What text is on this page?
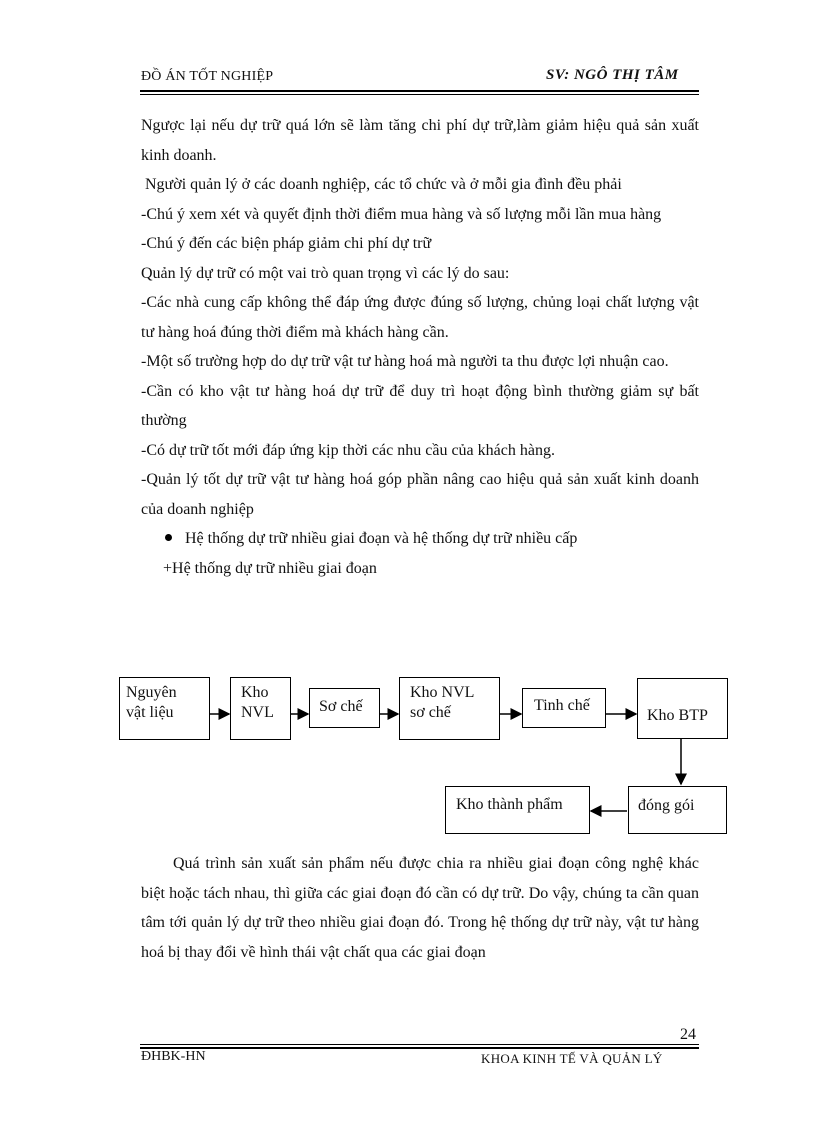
ĐỒ ÁN TỐT NGHIỆP	SV: NGÔ THỊ TÂM

Ngược lại nếu dự trữ quá lớn sẽ làm tăng chi phí dự trữ,làm giảm hiệu quả sản xuất kinh doanh.

Người quản lý ở các doanh nghiệp, các tổ chức và ở mỗi gia đình đều phải

-Chú ý xem xét và quyết định thời điểm mua hàng và số lượng mỗi lần mua hàng

-Chú ý đến các biện pháp giảm chi phí dự trữ

Quản lý dự trữ có một vai trò quan trọng vì các lý do sau:

-Các nhà cung cấp không thể đáp ứng được đúng số lượng, chủng loại chất lượng vật tư hàng hoá đúng thời điểm mà khách hàng cần.

-Một số trường hợp do dự trữ vật tư hàng hoá mà người ta thu được lợi nhuận cao.

-Cần có kho vật tư hàng hoá dự trữ để duy trì hoạt động bình thường giảm sự bất thường

-Có dự trữ tốt mới đáp ứng kịp thời các nhu cầu của khách hàng.

-Quản lý tốt dự trữ vật tư hàng hoá góp phần nâng cao hiệu quả sản xuất kinh doanh của doanh nghiệp

Hệ thống dự trữ nhiều giai đoạn và hệ thống dự trữ nhiều cấp

+Hệ thống dự trữ nhiều giai đoạn

Nguyên
vật liệu
Kho
NVL	Sơ chế
Kho NVL
sơ chế	Tinh chế
Kho BTP
đóng gói
Kho thành phẩm
Quá trình sản xuất sản phẩm nếu được chia ra nhiều giai đoạn công nghệ khác biệt hoặc tách nhau, thì giữa các giai đoạn đó cần có dự trữ. Do vậy, chúng ta cần quan tâm tới quản lý dự trữ theo nhiều giai đoạn đó. Trong hệ thống dự trữ này, vật tư hàng hoá bị thay đổi về hình thái vật chất qua các giai đoạn
24
ĐHBK-HN	KHOA KINH TẾ VÀ QUẢN LÝ
